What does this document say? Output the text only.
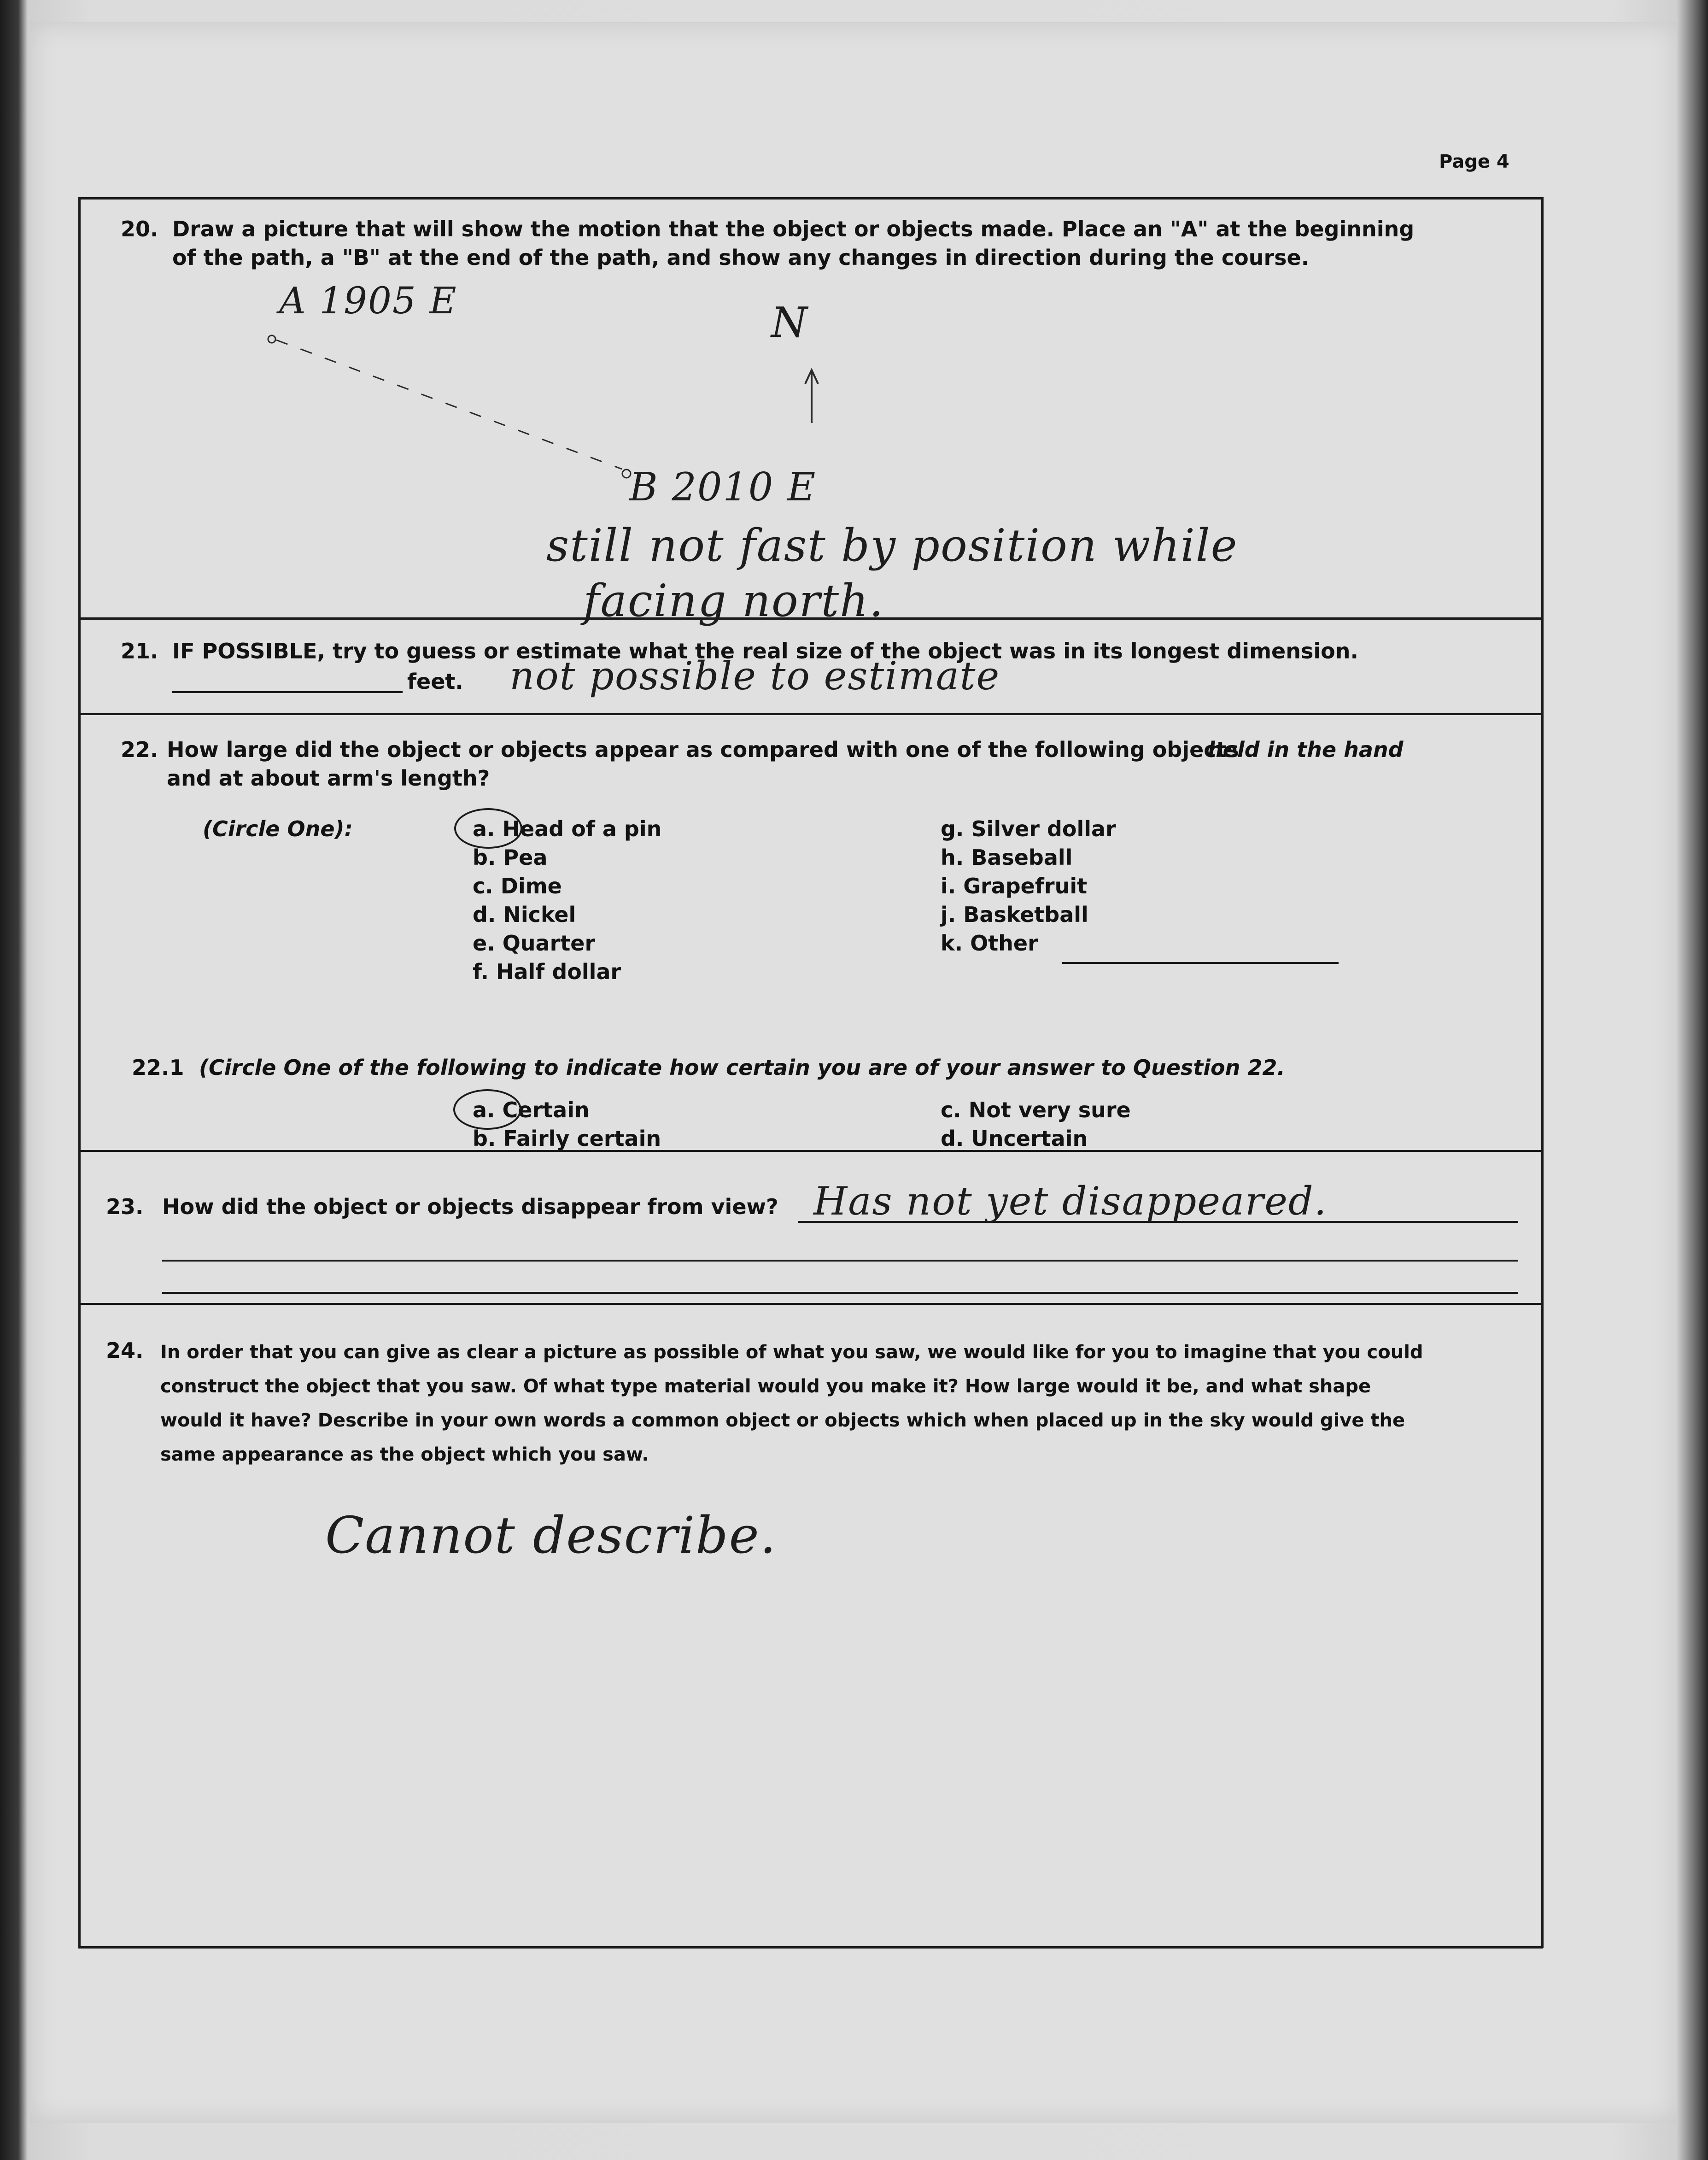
Page 4
20. Draw a picture that will show the motion that the object or objects made. Place an "A" at the beginning
of the path, a "B" at the end of the path, and show any changes in direction during the course.
A 1905 E	N
B 2010 E
still not fast by position while
facing north.
21. IF POSSIBLE, try to guess or estimate what the real size of the object was in its longest dimension.
feet. not possible to estimate
22. How large did the object or objects appear as compared with one of the following objects
held in the hand
and at about arm's length?
(Circle One):	a. Head of a pin
b. Pea
c. Dime
d. Nickel
e. Quarter
f. Half dollar
g. Silver dollar
h. Baseball
i. Grapefruit
j. Basketball
k. Other
22.1 (Circle One of the following to indicate how certain you are of your answer to Question 22.
a. Certain
b. Fairly certain
c. Not very sure
d. Uncertain
23. How did the object or objects disappear from view? Has not yet disappeared.
24. In order that you can give as clear a picture as possible of what you saw, we would like for you to imagine that you could
construct the object that you saw. Of what type material would you make it? How large would it be, and what shape
would it have? Describe in your own words a common object or objects which when placed up in the sky would give the
same appearance as the object which you saw.
Cannot describe.
